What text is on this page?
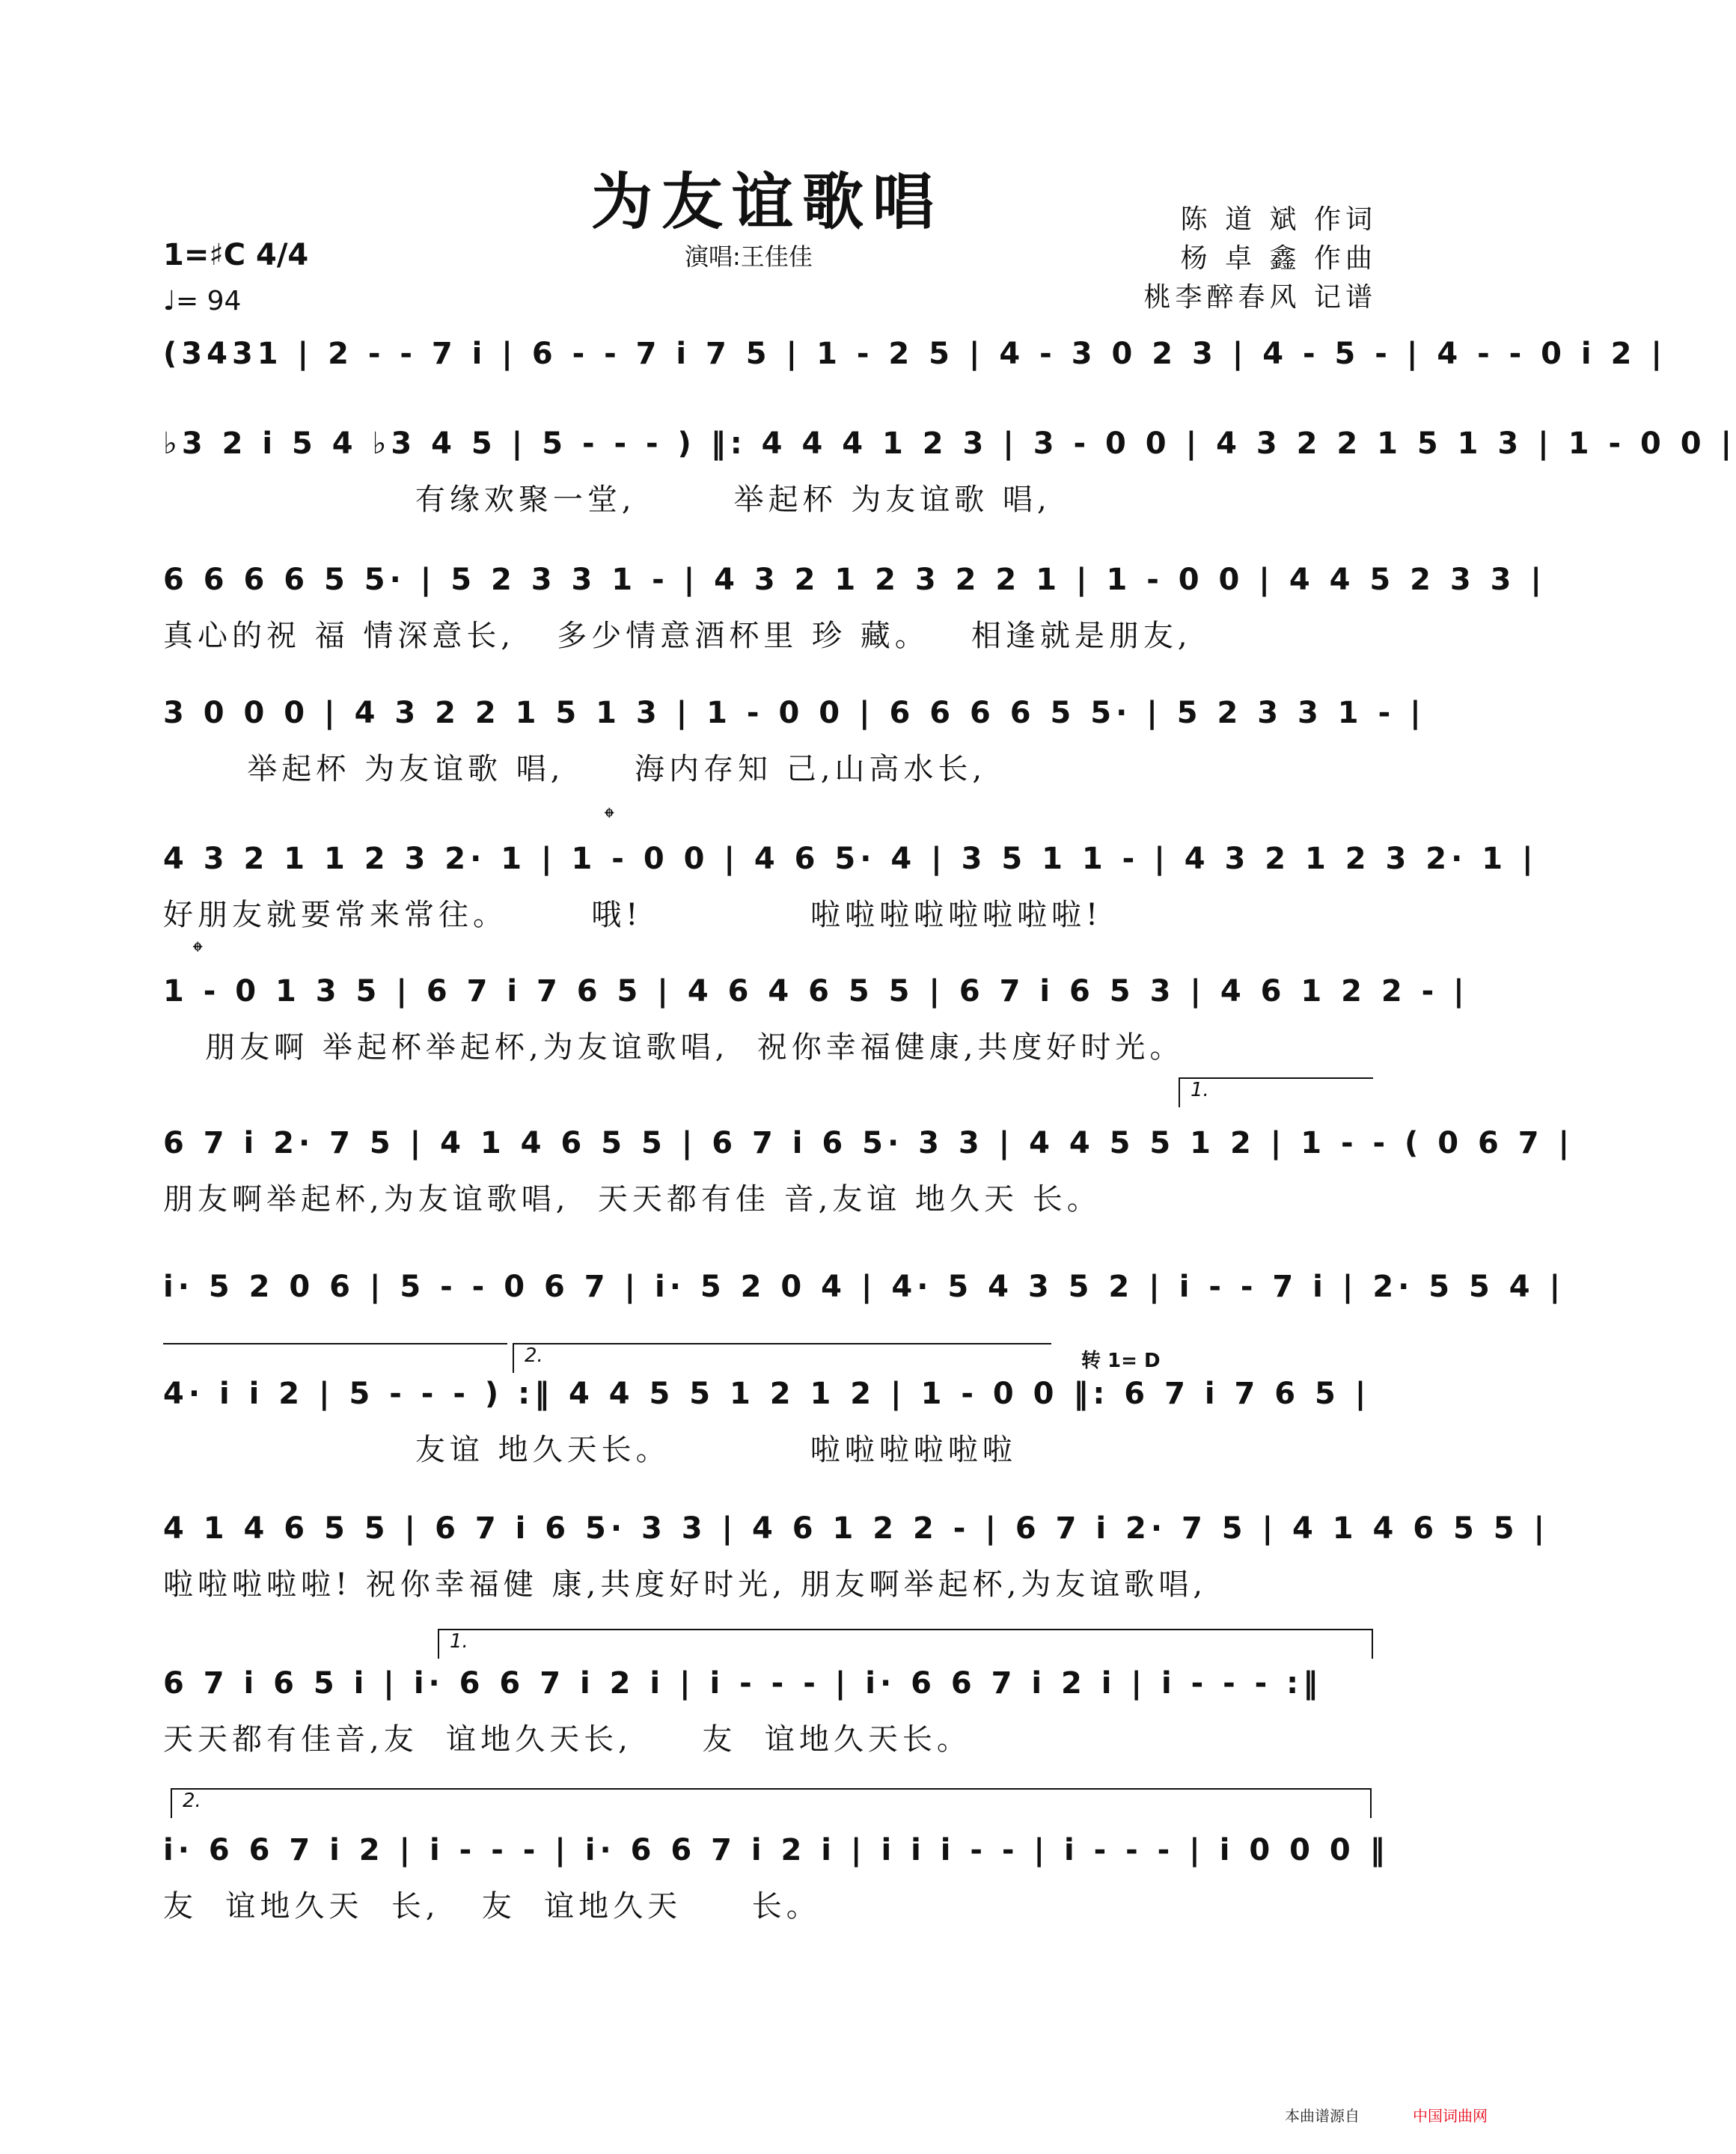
为友谊歌唱
演唱:王佳佳
陈 道 斌 作词
杨 卓 鑫 作曲
桃李醉春风 记谱
1=♯C 4/4
♩= 94
(3431 | 2 - - 7 i | 6 - - 7 i 7 5 | 1 - 2 5 | 4 - 3 0 2 3 | 4 - 5 - | 4 - - 0 i 2 |
♭3 2 i 5 4 ♭3 4 5 | 5 - - - ) ‖: 4 4 4 1 2 3 | 3 - 0 0 | 4 3 2 2 1 5 1 3 | 1 - 0 0 |
有缘欢聚一堂,       举起杯 为友谊歌 唱,
6 6 6 6 5 5· | 5 2 3 3 1 - | 4 3 2 1 2 3 2 2 1 | 1 - 0 0 | 4 4 5 2 3 3 |
真心的祝 福 情深意长,   多少情意酒杯里 珍 藏。   相逢就是朋友,
3 0 0 0 | 4 3 2 2 1 5 1 3 | 1 - 0 0 | 6 6 6 6 5 5· | 5 2 3 3 1 - |
举起杯 为友谊歌 唱,     海内存知 己,山高水长,
4 3 2 1 1 2 3 2· 1 | 1 - 0 0 | 4 6 5· 4 | 3 5 1 1 - | 4 3 2 1 2 3 2· 1 |
好朋友就要常来常往。      哦!            啦啦啦啦啦啦啦啦!
𝄌
1 - 0 1 3 5 | 6 7 i 7 6 5 | 4 6 4 6 5 5 | 6 7 i 6 5 3 | 4 6 1 2 2 - |
朋友啊 举起杯举起杯,为友谊歌唱,  祝你幸福健康,共度好时光。
𝄌
6 7 i 2· 7 5 | 4 1 4 6 5 5 | 6 7 i 6 5· 3 3 | 4 4 5 5 1 2 | 1 - - ( 0 6 7 |
朋友啊举起杯,为友谊歌唱,  天天都有佳 音,友谊 地久天 长。
1.
i· 5 2 0 6 | 5 - - 0 6 7 | i· 5 2 0 4 | 4· 5 4 3 5 2 | i - - 7 i | 2· 5 5 4 |
4· i i 2 | 5 - - - ) :‖ 4 4 5 5 1 2 1 2 | 1 - 0 0 ‖: 6 7 i 7 6 5 |
友谊 地久天长。          啦啦啦啦啦啦
2.	转 1= D
4 1 4 6 5 5 | 6 7 i 6 5· 3 3 | 4 6 1 2 2 - | 6 7 i 2· 7 5 | 4 1 4 6 5 5 |
啦啦啦啦啦! 祝你幸福健 康,共度好时光, 朋友啊举起杯,为友谊歌唱,
6 7 i 6 5 i | i· 6 6 7 i 2 i | i - - - | i· 6 6 7 i 2 i | i - - - :‖
天天都有佳音,友  谊地久天长,     友  谊地久天长。
1.
i· 6 6 7 i 2 | i - - - | i· 6 6 7 i 2 i | i i i - - | i - - - | i 0 0 0 ‖
友  谊地久天  长,   友  谊地久天     长。
2.
本曲谱源自	中国词曲网
